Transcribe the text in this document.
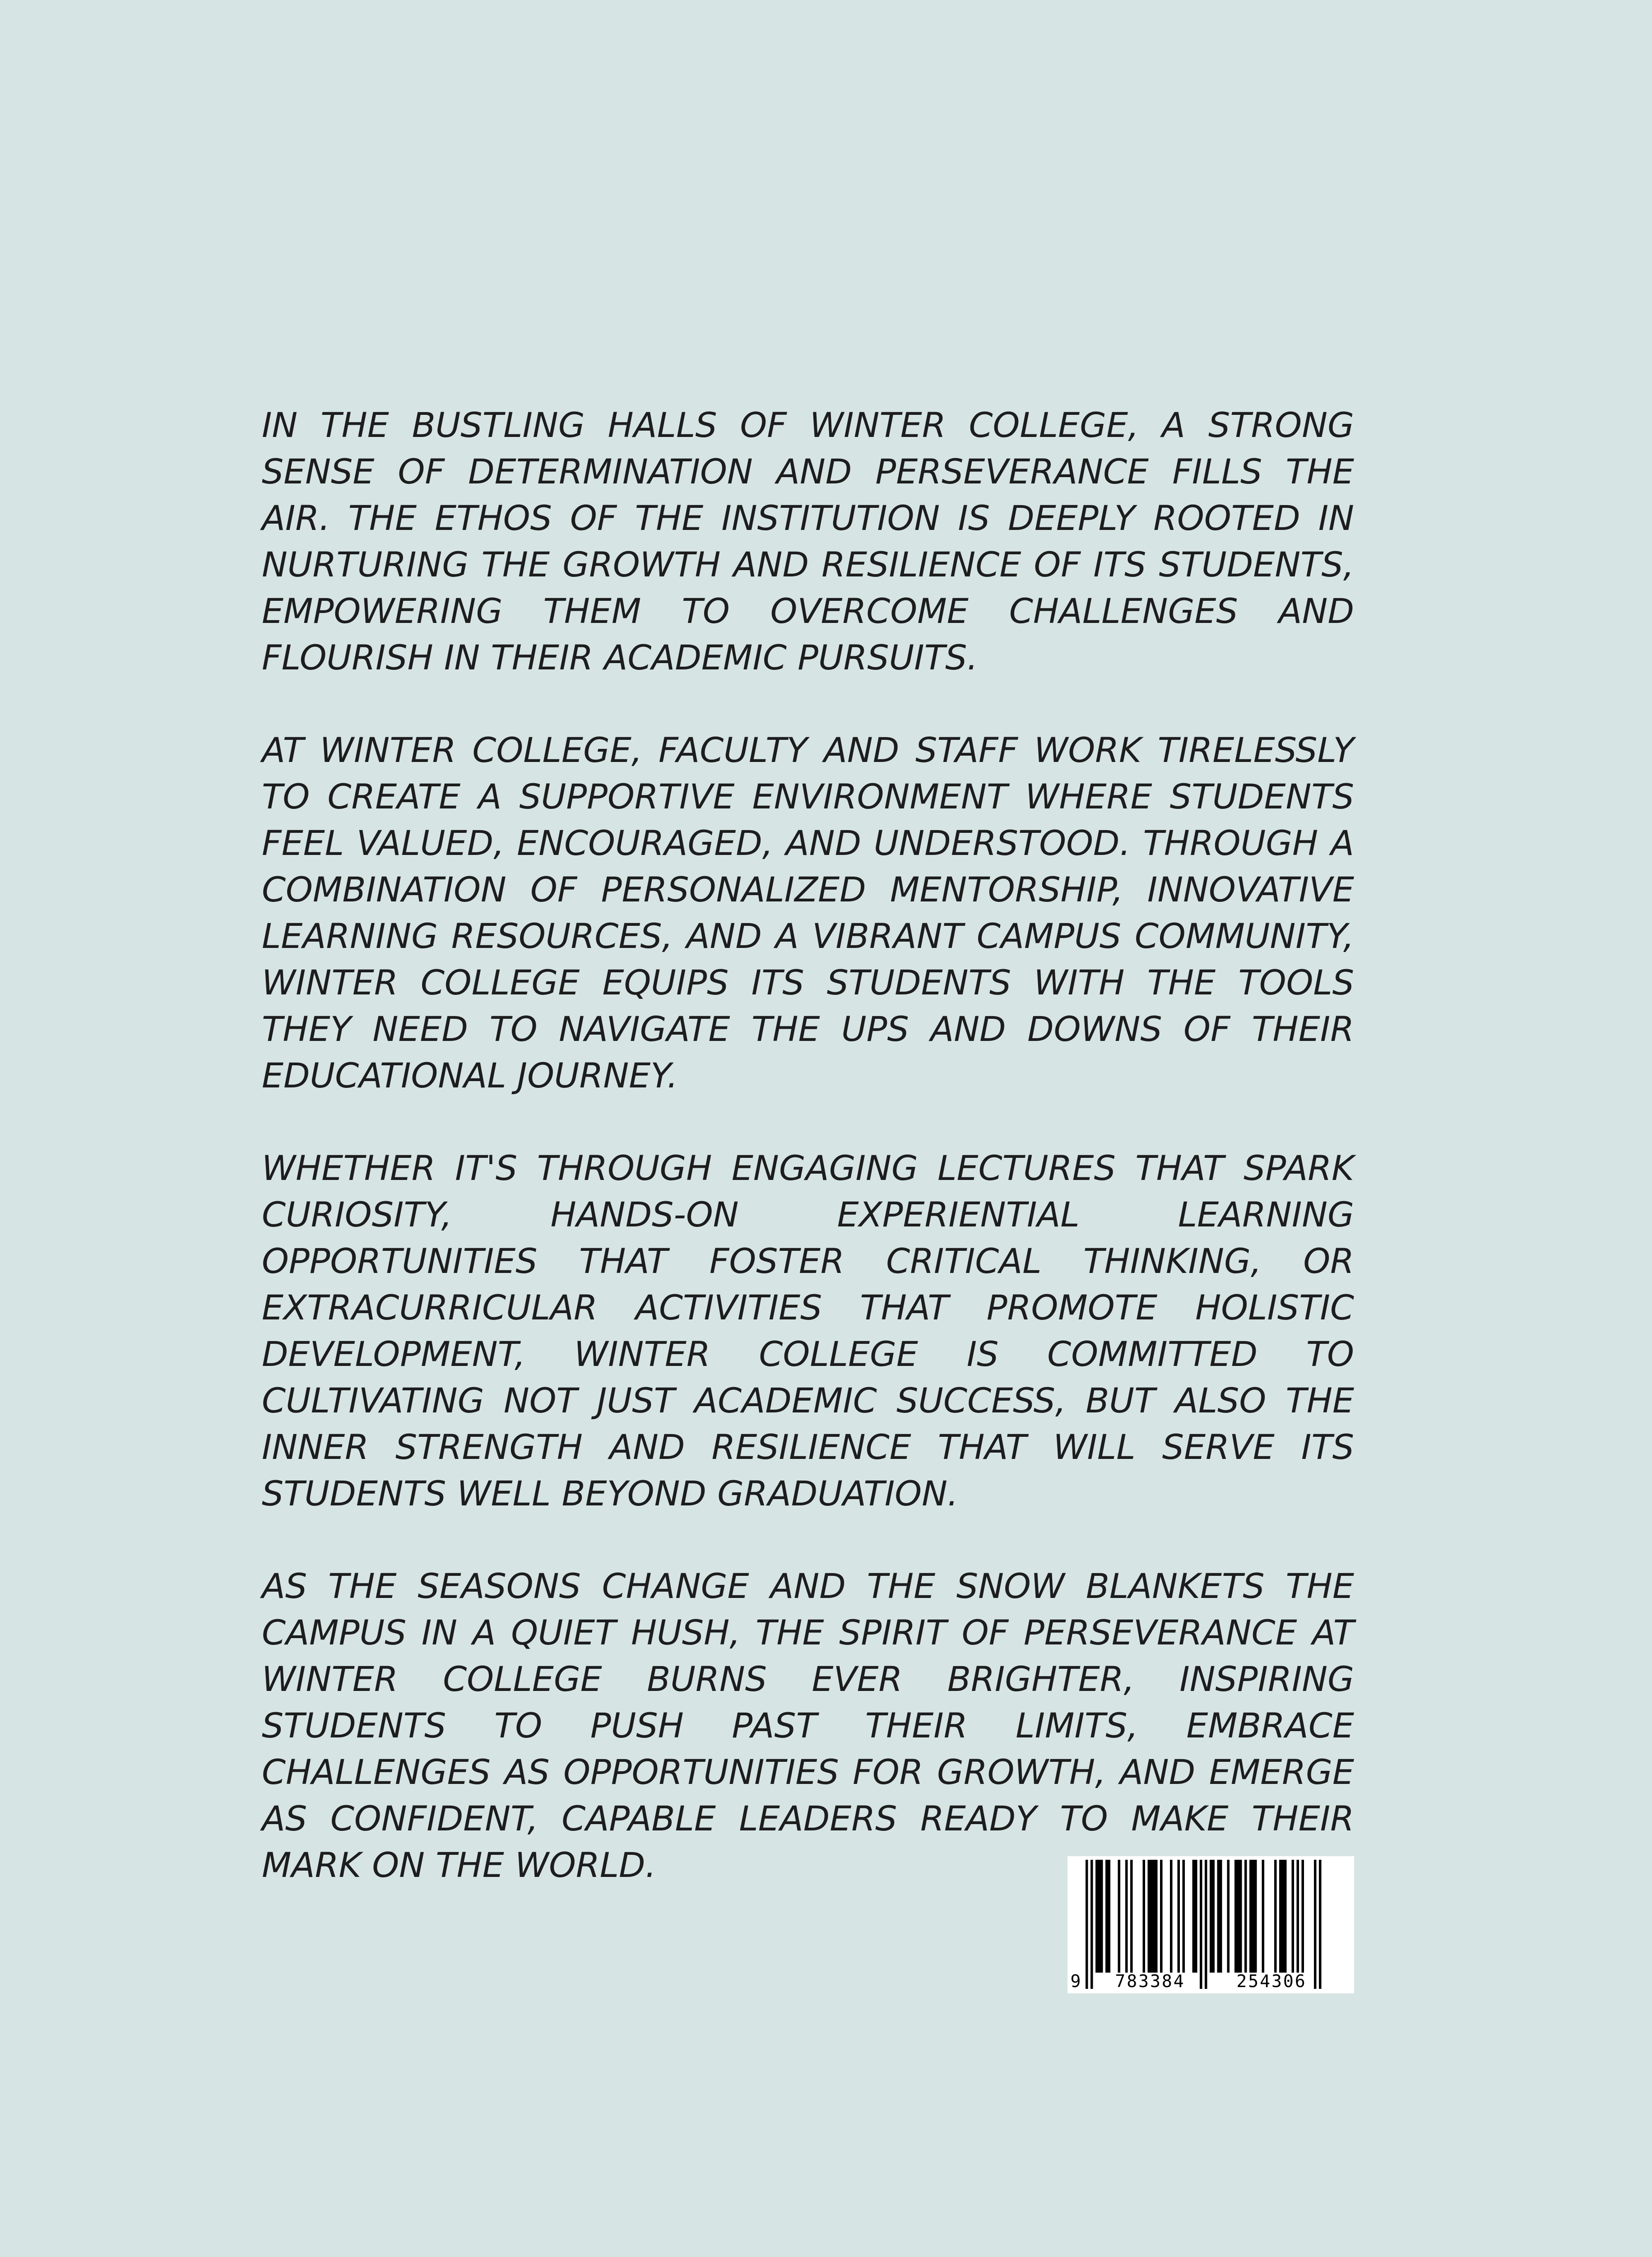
IN THE BUSTLING HALLS OF WINTER COLLEGE, A STRONG SENSE OF DETERMINATION AND PERSEVERANCE FILLS THE AIR. THE ETHOS OF THE INSTITUTION IS DEEPLY ROOTED IN NURTURING THE GROWTH AND RESILIENCE OF ITS STUDENTS, EMPOWERING THEM TO OVERCOME CHALLENGES AND FLOURISH IN THEIR ACADEMIC PURSUITS.

AT WINTER COLLEGE, FACULTY AND STAFF WORK TIRELESSLY TO CREATE A SUPPORTIVE ENVIRONMENT WHERE STUDENTS FEEL VALUED, ENCOURAGED, AND UNDERSTOOD. THROUGH A COMBINATION OF PERSONALIZED MENTORSHIP, INNOVATIVE LEARNING RESOURCES, AND A VIBRANT CAMPUS COMMUNITY, WINTER COLLEGE EQUIPS ITS STUDENTS WITH THE TOOLS THEY NEED TO NAVIGATE THE UPS AND DOWNS OF THEIR EDUCATIONAL JOURNEY.

WHETHER IT'S THROUGH ENGAGING LECTURES THAT SPARK CURIOSITY, HANDS-ON EXPERIENTIAL LEARNING OPPORTUNITIES THAT FOSTER CRITICAL THINKING, OR EXTRACURRICULAR ACTIVITIES THAT PROMOTE HOLISTIC DEVELOPMENT, WINTER COLLEGE IS COMMITTED TO CULTIVATING NOT JUST ACADEMIC SUCCESS, BUT ALSO THE INNER STRENGTH AND RESILIENCE THAT WILL SERVE ITS STUDENTS WELL BEYOND GRADUATION.

AS THE SEASONS CHANGE AND THE SNOW BLANKETS THE CAMPUS IN A QUIET HUSH, THE SPIRIT OF PERSEVERANCE AT WINTER COLLEGE BURNS EVER BRIGHTER, INSPIRING STUDENTS TO PUSH PAST THEIR LIMITS, EMBRACE CHALLENGES AS OPPORTUNITIES FOR GROWTH, AND EMERGE AS CONFIDENT, CAPABLE LEADERS READY TO MAKE THEIR MARK ON THE WORLD.

9 783384	254306
